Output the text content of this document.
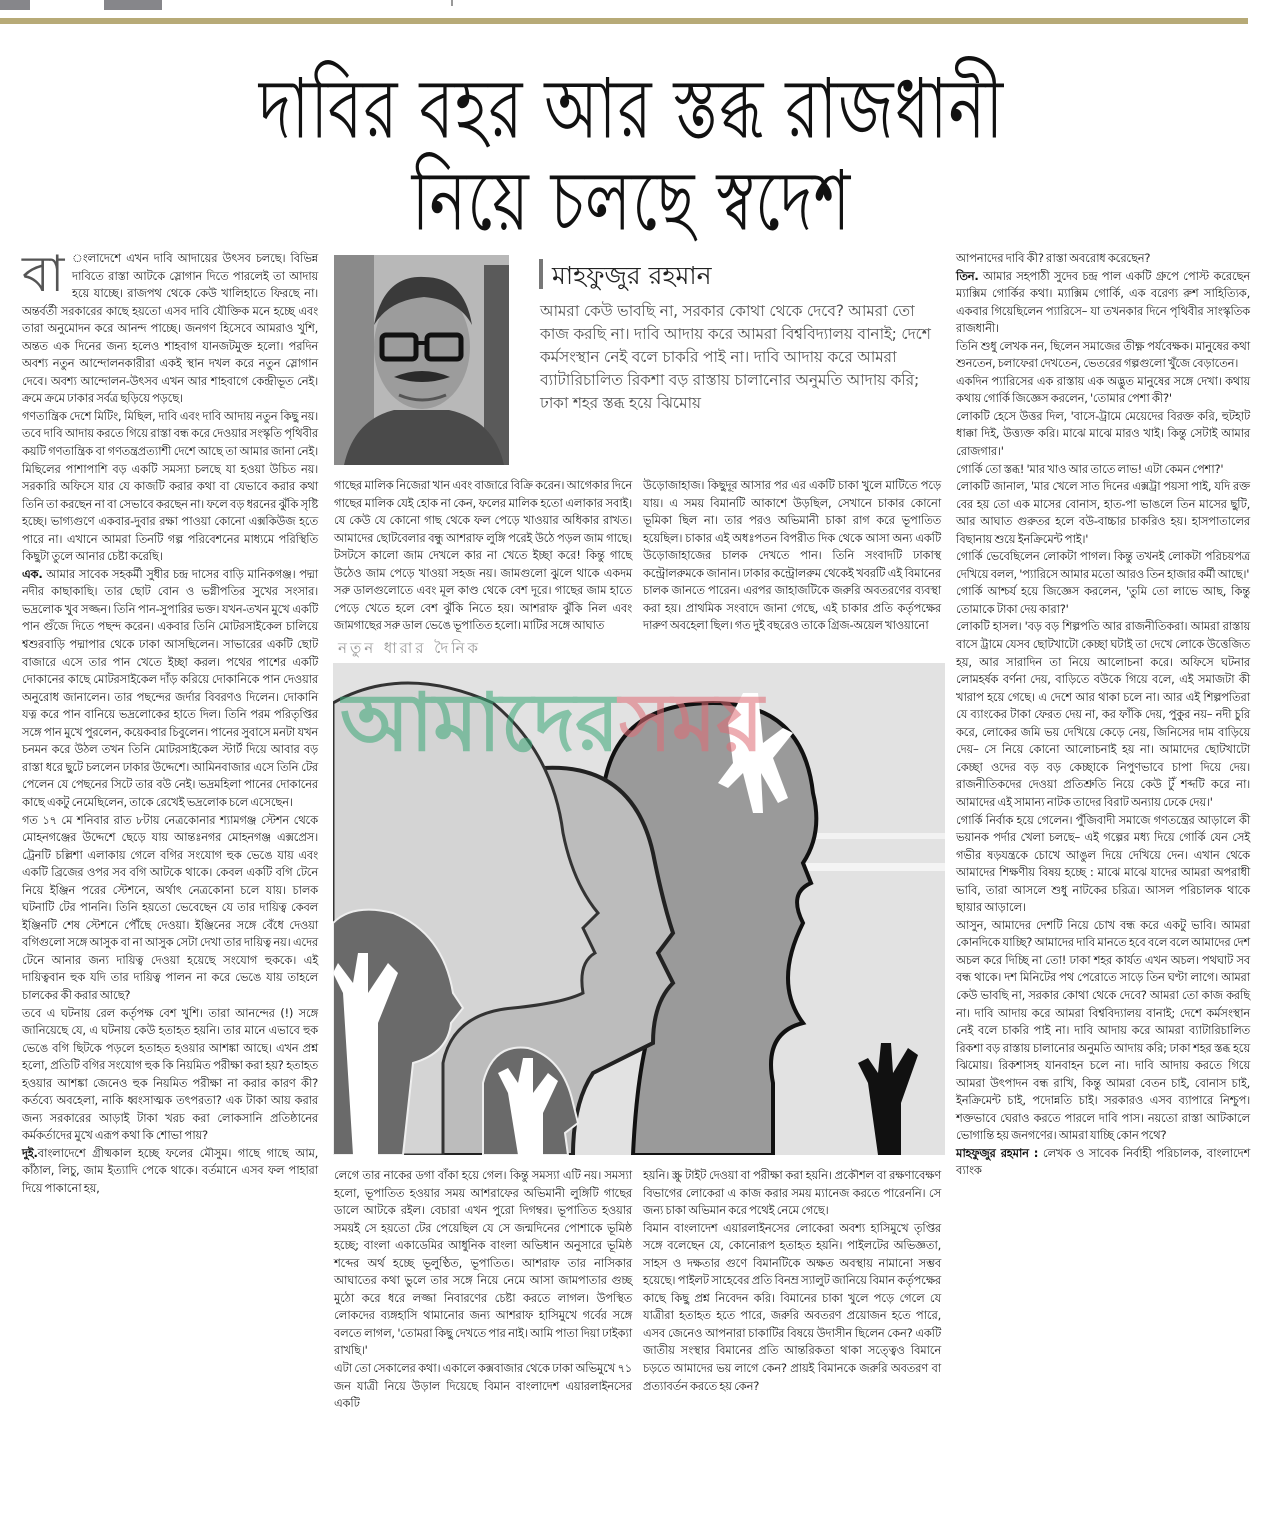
দাবির বহর আর স্তব্ধ রাজধানী
নিয়ে চলছে স্বদেশ

বা ংলাদেশে এখন দাবি আদায়ের উৎসব চলছে। বিভিন্ন দাবিতে রাস্তা আটকে স্লোগান দিতে পারলেই তা আদায় হয়ে যাচ্ছে। রাজপথ থেকে কেউ খালিহাতে ফিরছে না। অন্তর্বর্তী সরকারের কাছে হয়তো এসব দাবি যৌক্তিক মনে হচ্ছে এবং তারা অনুমোদন করে আনন্দ পাচ্ছে। জনগণ হিসেবে আমরাও খুশি, অন্তত এক দিনের জন্য হলেও শাহবাগ যানজটমুক্ত হলো। পরদিন অবশ্য নতুন আন্দোলনকারীরা একই স্থান দখল করে নতুন স্লোগান দেবে। অবশ্য আন্দোলন-উৎসব এখন আর শাহবাগে কেন্দ্রীভূত নেই। ক্রমে ক্রমে ঢাকার সর্বত্র ছড়িয়ে পড়ছে।

গণতান্ত্রিক দেশে মিটিং, মিছিল, দাবি এবং দাবি আদায় নতুন কিছু নয়। তবে দাবি আদায় করতে গিয়ে রাস্তা বন্ধ করে দেওয়ার সংস্কৃতি পৃথিবীর কয়টি গণতান্ত্রিক বা গণতন্ত্রপ্রত্যাশী দেশে আছে তা আমার জানা নেই। মিছিলের পাশাপাশি বড় একটি সমস্যা চলছে যা হওয়া উচিত নয়। সরকারি অফিসে যার যে কাজটি করার কথা বা যেভাবে করার কথা তিনি তা করছেন না বা সেভাবে করছেন না। ফলে বড় ধরনের ঝুঁকি সৃষ্টি হচ্ছে। ভাগ্যগুণে একবার-দুবার রক্ষা পাওয়া কোনো এক্সকিউজ হতে পারে না। এখানে আমরা তিনটি গল্প পরিবেশনের মাধ্যমে পরিস্থিতি কিছুটা তুলে আনার চেষ্টা করেছি।

এক. আমার সাবেক সহকর্মী সুধীর চন্দ্র দাসের বাড়ি মানিকগঞ্জ। পদ্মা নদীর কাছাকাছি। তার ছোট বোন ও ভগ্নীপতির সুখের সংসার। ভদ্রলোক খুব সজ্জন। তিনি পান-সুপারির ভক্ত। যখন-তখন মুখে একটি পান গুঁজে দিতে পছন্দ করেন। একবার তিনি মোটরসাইকেল চালিয়ে শ্বশুরবাড়ি পদ্মাপার থেকে ঢাকা আসছিলেন। সাভারের একটি ছোট বাজারে এসে তার পান খেতে ইচ্ছা করল। পথের পাশের একটি দোকানের কাছে মোটরসাইকেল দাঁড় করিয়ে দোকানিকে পান দেওয়ার অনুরোধ জানালেন। তার পছন্দের জর্দার বিবরণও দিলেন। দোকানি যত্ন করে পান বানিয়ে ভদ্রলোকের হাতে দিল। তিনি পরম পরিতৃপ্তির সঙ্গে পান মুখে পুরলেন, কয়েকবার চিবুলেন। পানের সুবাসে মনটা যখন চনমন করে উঠল তখন তিনি মোটরসাইকেল স্টার্ট দিয়ে আবার বড় রাস্তা ধরে ছুটে চললেন ঢাকার উদ্দেশে। আমিনবাজার এসে তিনি টের পেলেন যে পেছনের সিটে তার বউ নেই। ভদ্রমহিলা পানের দোকানের কাছে একটু নেমেছিলেন, তাকে রেখেই ভদ্রলোক চলে এসেছেন।

গত ১৭ মে শনিবার রাত ৮টায় নেত্রকোনার শ্যামগঞ্জ স্টেশন থেকে মোহনগঞ্জের উদ্দেশে ছেড়ে যায় আন্তঃনগর মোহনগঞ্জ এক্সপ্রেস। ট্রেনটি চল্লিশা এলাকায় গেলে বগির সংযোগ হুক ভেঙে যায় এবং একটি ব্রিজের ওপর সব বগি আটকে থাকে। কেবল একটি বগি টেনে নিয়ে ইঞ্জিন পরের স্টেশনে, অর্থাৎ নেত্রকোনা চলে যায়। চালক ঘটনাটি টের পাননি। তিনি হয়তো ভেবেছেন যে তার দায়িত্ব কেবল ইঞ্জিনটি শেষ স্টেশনে পৌঁছে দেওয়া। ইঞ্জিনের সঙ্গে বেঁধে দেওয়া বগিগুলো সঙ্গে আসুক বা না আসুক সেটা দেখা তার দায়িত্ব নয়। এদের টেনে আনার জন্য দায়িত্ব দেওয়া হয়েছে সংযোগ হুককে। এই দায়িত্ববান হুক যদি তার দায়িত্ব পালন না করে ভেঙে যায় তাহলে চালকের কী করার আছে?

তবে এ ঘটনায় রেল কর্তৃপক্ষ বেশ খুশি। তারা আনন্দের (!) সঙ্গে জানিয়েছে যে, এ ঘটনায় কেউ হতাহত হয়নি। তার মানে এভাবে হুক ভেঙে বগি ছিটকে পড়লে হতাহত হওয়ার আশঙ্কা আছে। এখন প্রশ্ন হলো, প্রতিটি বগির সংযোগ হুক কি নিয়মিত পরীক্ষা করা হয়? হতাহত হওয়ার আশঙ্কা জেনেও হুক নিয়মিত পরীক্ষা না করার কারণ কী? কর্তব্যে অবহেলা, নাকি ধ্বংসাত্মক তৎপরতা? এক টাকা আয় করার জন্য সরকারের আড়াই টাকা খরচ করা লোকসানি প্রতিষ্ঠানের কর্মকর্তাদের মুখে এরূপ কথা কি শোভা পায়?

দুই.বাংলাদেশে গ্রীষ্মকাল হচ্ছে ফলের মৌসুম। গাছে গাছে আম, কাঁঠাল, লিচু, জাম ইত্যাদি পেকে থাকে। বর্তমানে এসব ফল পাহারা দিয়ে পাকানো হয়,

মাহফুজুর রহমান
আমরা কেউ ভাবছি না, সরকার কোথা থেকে দেবে? আমরা তো কাজ করছি না। দাবি আদায় করে আমরা বিশ্ববিদ্যালয় বানাই; দেশে কর্মসংস্থান নেই বলে চাকরি পাই না। দাবি আদায় করে আমরা ব্যাটারিচালিত রিকশা বড় রাস্তায় চালানোর অনুমতি আদায় করি; ঢাকা শহর স্তব্ধ হয়ে ঝিমোয়

গাছের মালিক নিজেরা খান এবং বাজারে বিক্রি করেন। আগেকার দিনে গাছের মালিক যেই হোক না কেন, ফলের মালিক হতো এলাকার সবাই। যে কেউ যে কোনো গাছ থেকে ফল পেড়ে খাওয়ার অধিকার রাখত। আমাদের ছোটবেলার বন্ধু আশরাফ লুঙ্গি পরেই উঠে পড়ল জাম গাছে। টসটসে কালো জাম দেখলে কার না খেতে ইচ্ছা করে! কিন্তু গাছে উঠেও জাম পেড়ে খাওয়া সহজ নয়। জামগুলো ঝুলে থাকে একদম সরু ডালগুলোতে এবং মূল কাণ্ড থেকে বেশ দূরে। গাছের জাম হাতে পেড়ে খেতে হলে বেশ ঝুঁকি নিতে হয়। আশরাফ ঝুঁকি নিল এবং জামগাছের সরু ডাল ভেঙে ভূপাতিত হলো। মাটির সঙ্গে আঘাত

উড়োজাহাজ। কিছুদূর আসার পর এর একটি চাকা খুলে মাটিতে পড়ে যায়। এ সময় বিমানটি আকাশে উড়ছিল, সেখানে চাকার কোনো ভূমিকা ছিল না। তার পরও অভিমানী চাকা রাগ করে ভূপাতিত হয়েছিল। চাকার এই অধঃপতন বিপরীত দিক থেকে আসা অন্য একটি উড়োজাহাজের চালক দেখতে পান। তিনি সংবাদটি ঢাকাস্থ কন্ট্রোলরুমকে জানান। ঢাকার কন্ট্রোলরুম থেকেই খবরটি এই বিমানের চালক জানতে পারেন। এরপর জাহাজটিকে জরুরি অবতরণের ব্যবস্থা করা হয়। প্রাথমিক সংবাদে জানা গেছে, এই চাকার প্রতি কর্তৃপক্ষের দারুণ অবহেলা ছিল। গত দুই বছরেও তাকে গ্রিজ-অয়েল খাওয়ানো

নতুন ধারার দৈনিক
আমাদেরসময়

লেগে তার নাকের ডগা বাঁকা হয়ে গেল। কিন্তু সমস্যা এটি নয়। সমস্যা হলো, ভূপাতিত হওয়ার সময় আশরাফের অভিমানী লুঙ্গিটি গাছের ডালে আটকে রইল। বেচারা এখন পুরো দিগম্বর। ভূপাতিত হওয়ার সময়ই সে হয়তো টের পেয়েছিল যে সে জন্মদিনের পোশাকে ভূমিষ্ঠ হচ্ছে; বাংলা একাডেমির আধুনিক বাংলা অভিধান অনুসারে ভূমিষ্ঠ শব্দের অর্থ হচ্ছে ভূলুণ্ঠিত, ভূপাতিত। আশরাফ তার নাসিকার আঘাতের কথা ভুলে তার সঙ্গে নিয়ে নেমে আসা জামপাতার গুচ্ছ মুঠো করে ধরে লজ্জা নিবারণের চেষ্টা করতে লাগল। উপস্থিত লোকদের ব্যঙ্গহাসি থামানোর জন্য আশরাফ হাসিমুখে গর্বের সঙ্গে বলতে লাগল, 'তোমরা কিছু দেখতে পার নাই। আমি পাতা দিয়া ঢাইক্যা রাখছি।'

এটা তো সেকালের কথা। একালে কক্সবাজার থেকে ঢাকা অভিমুখে ৭১ জন যাত্রী নিয়ে উড়াল দিয়েছে বিমান বাংলাদেশ এয়ারলাইনসের একটি

হয়নি। স্ক্রু টাইট দেওয়া বা পরীক্ষা করা হয়নি। প্রকৌশল বা রক্ষণাবেক্ষণ বিভাগের লোকেরা এ কাজ করার সময় ম্যানেজ করতে পারেননি। সে জন্য চাকা অভিমান করে পথেই নেমে গেছে।

বিমান বাংলাদেশ এয়ারলাইনসের লোকেরা অবশ্য হাসিমুখে তৃপ্তির সঙ্গে বলেছেন যে, কোনোরূপ হতাহত হয়নি। পাইলটের অভিজ্ঞতা, সাহস ও দক্ষতার গুণে বিমানটিকে অক্ষত অবস্থায় নামানো সম্ভব হয়েছে। পাইলট সাহেবের প্রতি বিনম্র স্যালুট জানিয়ে বিমান কর্তৃপক্ষের কাছে কিছু প্রশ্ন নিবেদন করি। বিমানের চাকা খুলে পড়ে গেলে যে যাত্রীরা হতাহত হতে পারে, জরুরি অবতরণ প্রয়োজন হতে পারে, এসব জেনেও আপনারা চাকাটির বিষয়ে উদাসীন ছিলেন কেন? একটি জাতীয় সংস্থার বিমানের প্রতি আন্তরিকতা থাকা সত্ত্বেও বিমানে চড়তে আমাদের ভয় লাগে কেন? প্রায়ই বিমানকে জরুরি অবতরণ বা প্রত্যাবর্তন করতে হয় কেন?

আপনাদের দাবি কী? রাস্তা অবরোধ করেছেন?

তিন. আমার সহপাঠী সুদেব চন্দ্র পাল একটি গ্রুপে পোস্ট করেছেন ম্যাক্সিম গোর্কির কথা। ম্যাক্সিম গোর্কি, এক বরেণ্য রুশ সাহিত্যিক, একবার গিয়েছিলেন প্যারিসে– যা তখনকার দিনে পৃথিবীর সাংস্কৃতিক রাজধানী।

তিনি শুধু লেখক নন, ছিলেন সমাজের তীক্ষ্ণ পর্যবেক্ষক। মানুষের কথা শুনতেন, চলাফেরা দেখতেন, ভেতরের গল্পগুলো খুঁজে বেড়াতেন।

একদিন প্যারিসের এক রাস্তায় এক অদ্ভুত মানুষের সঙ্গে দেখা। কথায় কথায় গোর্কি জিজ্ঞেস করলেন, 'তোমার পেশা কী?'

লোকটি হেসে উত্তর দিল, 'বাসে-ট্রামে মেয়েদের বিরক্ত করি, হুটহাট ধাক্কা দিই, উত্ত্যক্ত করি। মাঝে মাঝে মারও খাই। কিন্তু সেটাই আমার রোজগার।'

গোর্কি তো স্তব্ধ! 'মার খাও আর তাতে লাভ! এটা কেমন পেশা?'

লোকটি জানাল, 'মার খেলে সাত দিনের এক্সট্রা পয়সা পাই, যদি রক্ত বের হয় তো এক মাসের বোনাস, হাত-পা ভাঙলে তিন মাসের ছুটি, আর আঘাত গুরুতর হলে বউ-বাচ্চার চাকরিও হয়। হাসপাতালের বিছানায় শুয়ে ইনক্রিমেন্ট পাই।'

গোর্কি ভেবেছিলেন লোকটা পাগল। কিন্তু তখনই লোকটা পরিচয়পত্র দেখিয়ে বলল, 'প্যারিসে আমার মতো আরও তিন হাজার কর্মী আছে।'

গোর্কি আশ্চর্য হয়ে জিজ্ঞেস করলেন, 'তুমি তো লাভে আছ, কিন্তু তোমাকে টাকা দেয় কারা?'

লোকটি হাসল। 'বড় বড় শিল্পপতি আর রাজনীতিকরা। আমরা রাস্তায় বাসে ট্রামে যেসব ছোটখাটো কেচ্ছা ঘটাই তা দেখে লোকে উত্তেজিত হয়, আর সারাদিন তা নিয়ে আলোচনা করে। অফিসে ঘটনার লোমহর্ষক বর্ণনা দেয়, বাড়িতে বউকে গিয়ে বলে, এই সমাজটা কী খারাপ হয়ে গেছে। এ দেশে আর থাকা চলে না। আর এই শিল্পপতিরা যে ব্যাংকের টাকা ফেরত দেয় না, কর ফাঁকি দেয়, পুকুর নয়– নদী চুরি করে, লোকের জমি ভয় দেখিয়ে কেড়ে নেয়, জিনিসের দাম বাড়িয়ে দেয়– সে নিয়ে কোনো আলোচনাই হয় না। আমাদের ছোটখাটো কেচ্ছা ওদের বড় বড় কেচ্ছাকে নিপুণভাবে চাপা দিয়ে দেয়। রাজনীতিকদের দেওয়া প্রতিশ্রুতি নিয়ে কেউ টুঁ শব্দটি করে না। আমাদের এই সামান্য নাটক তাদের বিরাট অন্যায় ঢেকে দেয়।'

গোর্কি নির্বাক হয়ে গেলেন। পুঁজিবাদী সমাজে গণতন্ত্রের আড়ালে কী ভয়ানক পর্দার খেলা চলছে– এই গল্পের মধ্য দিয়ে গোর্কি যেন সেই গভীর ষড়যন্ত্রকে চোখে আঙুল দিয়ে দেখিয়ে দেন। এখান থেকে আমাদের শিক্ষণীয় বিষয় হচ্ছে : মাঝে মাঝে যাদের আমরা অপরাধী ভাবি, তারা আসলে শুধু নাটকের চরিত্র। আসল পরিচালক থাকে ছায়ার আড়ালে।

আসুন, আমাদের দেশটি নিয়ে চোখ বন্ধ করে একটু ভাবি। আমরা কোনদিকে যাচ্ছি? আমাদের দাবি মানতে হবে বলে বলে আমাদের দেশ অচল করে দিচ্ছি না তো! ঢাকা শহর কার্যত এখন অচল। পথঘাট সব বন্ধ থাকে। দশ মিনিটের পথ পেরোতে সাড়ে তিন ঘণ্টা লাগে। আমরা কেউ ভাবছি না, সরকার কোথা থেকে দেবে? আমরা তো কাজ করছি না। দাবি আদায় করে আমরা বিশ্ববিদ্যালয় বানাই; দেশে কর্মসংস্থান নেই বলে চাকরি পাই না। দাবি আদায় করে আমরা ব্যাটারিচালিত রিকশা বড় রাস্তায় চালানোর অনুমতি আদায় করি; ঢাকা শহর স্তব্ধ হয়ে ঝিমোয়। রিকশাসহ যানবাহন চলে না। দাবি আদায় করতে গিয়ে আমরা উৎপাদন বন্ধ রাখি, কিন্তু আমরা বেতন চাই, বোনাস চাই, ইনক্রিমেন্ট চাই, পদোন্নতি চাই। সরকারও এসব ব্যাপারে নিশ্চুপ। শক্তভাবে ঘেরাও করতে পারলে দাবি পাস। নয়তো রাস্তা আটকালে ভোগান্তি হয় জনগণের। আমরা যাচ্ছি কোন পথে?

মাহফুজুর রহমান : লেখক ও সাবেক নির্বাহী পরিচালক, বাংলাদেশ ব্যাংক
